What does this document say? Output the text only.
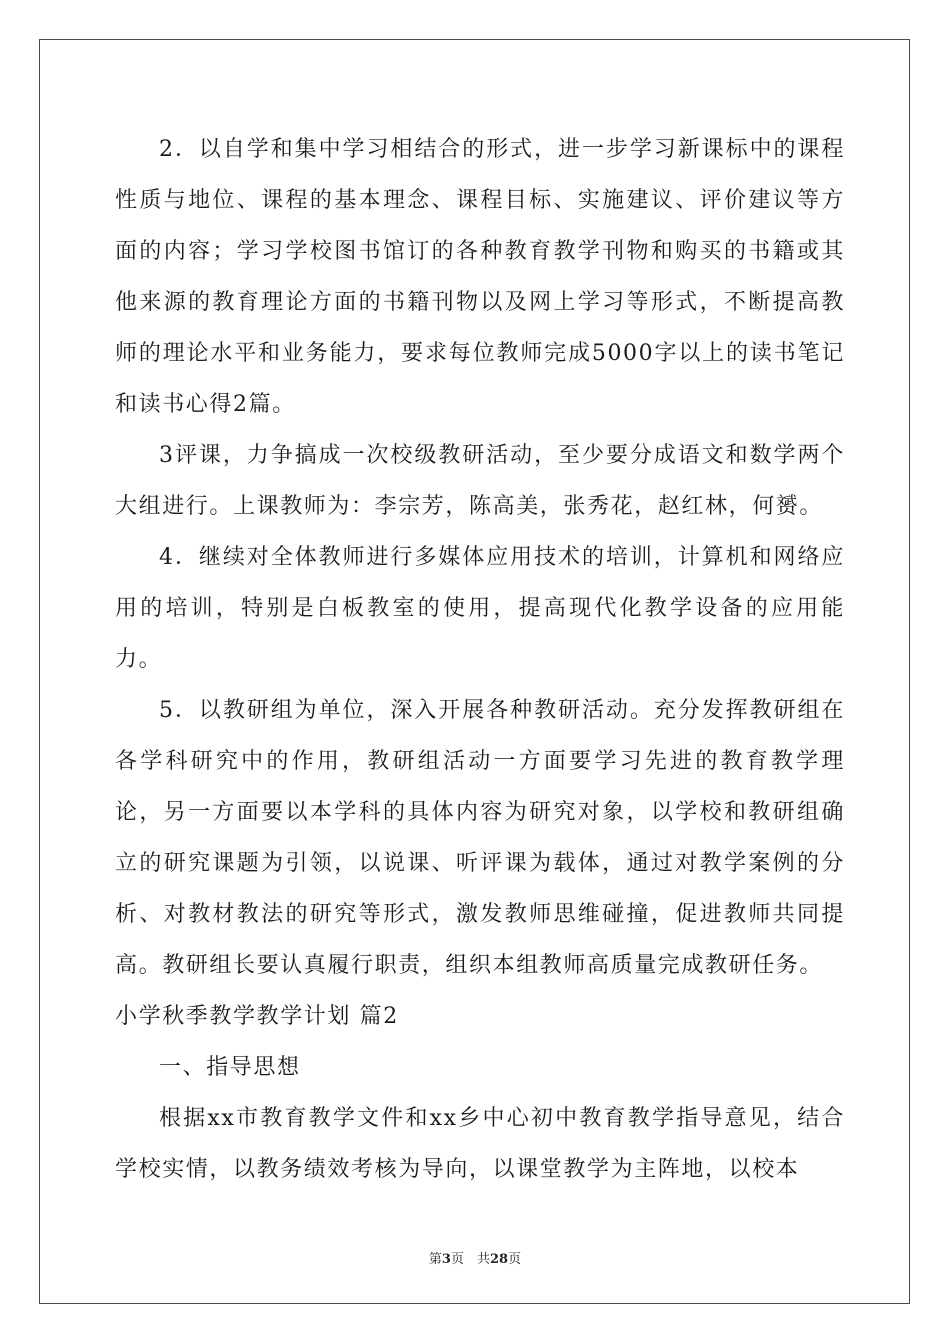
2．以自学和集中学习相结合的形式，进一步学习新课标中的课程性质与地位、课程的基本理念、课程目标、实施建议、评价建议等方面的内容；学习学校图书馆订的各种教育教学刊物和购买的书籍或其他来源的教育理论方面的书籍刊物以及网上学习等形式，不断提高教师的理论水平和业务能力，要求每位教师完成5000字以上的读书笔记和读书心得2篇。

3评课，力争搞成一次校级教研活动，至少要分成语文和数学两个大组进行。上课教师为：李宗芳，陈高美，张秀花，赵红林，何赟。

4．继续对全体教师进行多媒体应用技术的培训，计算机和网络应用的培训，特别是白板教室的使用，提高现代化教学设备的应用能力。

5．以教研组为单位，深入开展各种教研活动。充分发挥教研组在各学科研究中的作用，教研组活动一方面要学习先进的教育教学理论，另一方面要以本学科的具体内容为研究对象，以学校和教研组确立的研究课题为引领，以说课、听评课为载体，通过对教学案例的分析、对教材教法的研究等形式，激发教师思维碰撞，促进教师共同提高。教研组长要认真履行职责，组织本组教师高质量完成教研任务。

小学秋季教学教学计划 篇2

一、指导思想

根据xx市教育教学文件和xx乡中心初中教育教学指导意见，结合学校实情，以教务绩效考核为导向，以课堂教学为主阵地，以校本

第3页　共28页
